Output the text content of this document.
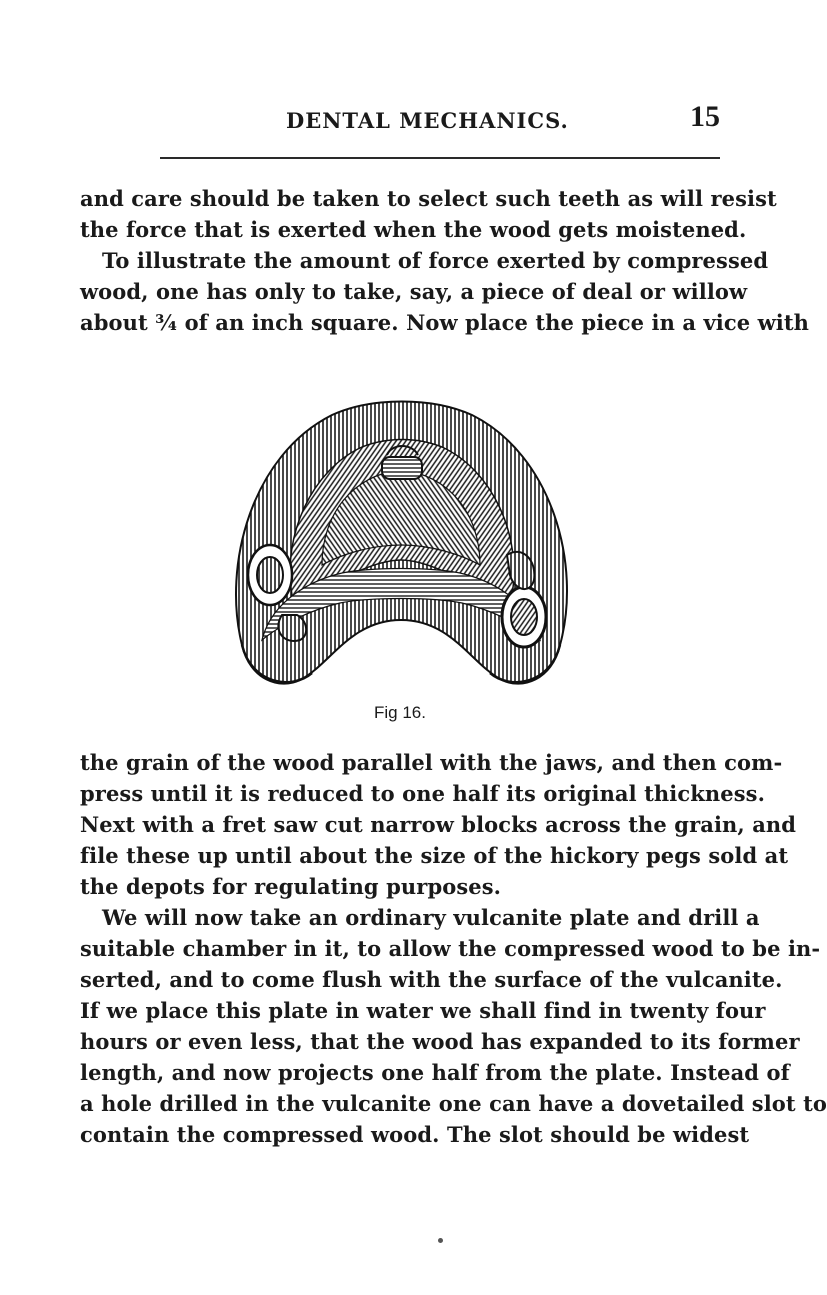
DENTAL MECHANICS.	15
and care should be taken to select such teeth as will resist
the force that is exerted when the wood gets moistened.
To illustrate the amount of force exerted by compressed
wood, one has only to take, say, a piece of deal or willow
about ¾ of an inch square. Now place the piece in a vice with
Fig 16.
the grain of the wood parallel with the jaws, and then com-
press until it is reduced to one half its original thickness.
Next with a fret saw cut narrow blocks across the grain, and
file these up until about the size of the hickory pegs sold at
the depots for regulating purposes.
We will now take an ordinary vulcanite plate and drill a
suitable chamber in it, to allow the compressed wood to be in-
serted, and to come flush with the surface of the vulcanite.
If we place this plate in water we shall find in twenty four
hours or even less, that the wood has expanded to its former
length, and now projects one half from the plate. Instead of
a hole drilled in the vulcanite one can have a dovetailed slot to
contain the compressed wood. The slot should be widest
